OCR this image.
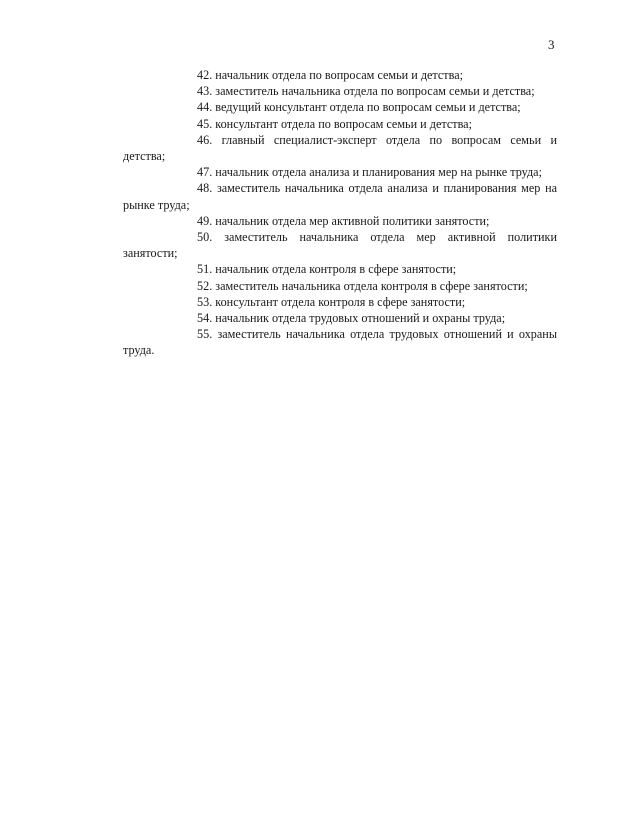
3

42. начальник отдела по вопросам семьи и детства;

43. заместитель начальника отдела по вопросам семьи и детства;

44. ведущий консультант отдела по вопросам семьи и детства;

45. консультант отдела по вопросам семьи и детства;

46. главный специалист-эксперт отдела по вопросам семьи и детства;

47. начальник отдела анализа и планирования мер на рынке труда;

48. заместитель начальника отдела анализа и планирования мер на рынке труда;

49. начальник отдела мер активной политики занятости;

50. заместитель начальника отдела мер активной политики занятости;

51. начальник отдела контроля в сфере занятости;

52. заместитель начальника отдела контроля в сфере занятости;

53. консультант отдела контроля в сфере занятости;

54. начальник отдела трудовых отношений и охраны труда;

55. заместитель начальника отдела трудовых отношений и охраны труда.
